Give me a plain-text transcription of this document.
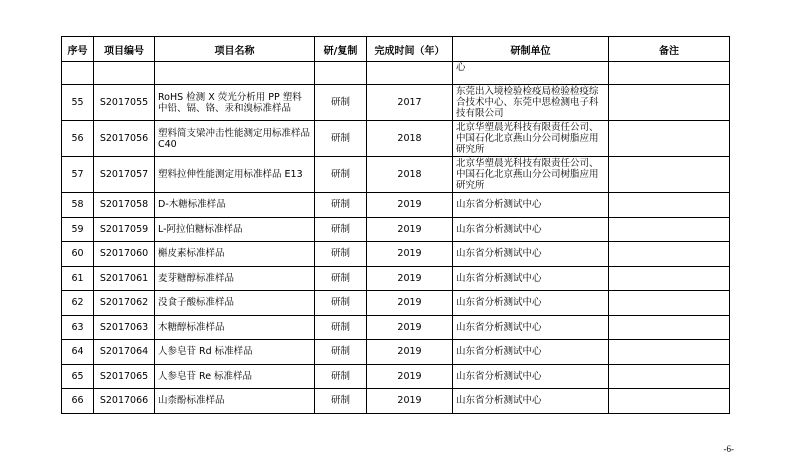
序号	项目编号	项目名称	研/复制	完成时间（年）	研制单位	备注
					心	
55	S2017055	RoHS 检测 X 荧光分析用 PP 塑料中铅、镉、铬、汞和溴标准样品	研制	2017	东莞出入境检验检疫局检验检疫综合技术中心、东莞中思检测电子科技有限公司	
56	S2017056	塑料简支梁冲击性能测定用标准样品 C40	研制	2018	北京华塑晨光科技有限责任公司、中国石化北京燕山分公司树脂应用研究所	
57	S2017057	塑料拉伸性能测定用标准样品 E13	研制	2018	北京华塑晨光科技有限责任公司、中国石化北京燕山分公司树脂应用研究所	
58	S2017058	D-木糖标准样品	研制	2019	山东省分析测试中心	
59	S2017059	L-阿拉伯糖标准样品	研制	2019	山东省分析测试中心	
60	S2017060	槲皮素标准样品	研制	2019	山东省分析测试中心	
61	S2017061	麦芽糖醇标准样品	研制	2019	山东省分析测试中心	
62	S2017062	没食子酸标准样品	研制	2019	山东省分析测试中心	
63	S2017063	木糖醇标准样品	研制	2019	山东省分析测试中心	
64	S2017064	人参皂苷 Rd 标准样品	研制	2019	山东省分析测试中心	
65	S2017065	人参皂苷 Re 标准样品	研制	2019	山东省分析测试中心	
66	S2017066	山柰酚标准样品	研制	2019	山东省分析测试中心	
-6-
